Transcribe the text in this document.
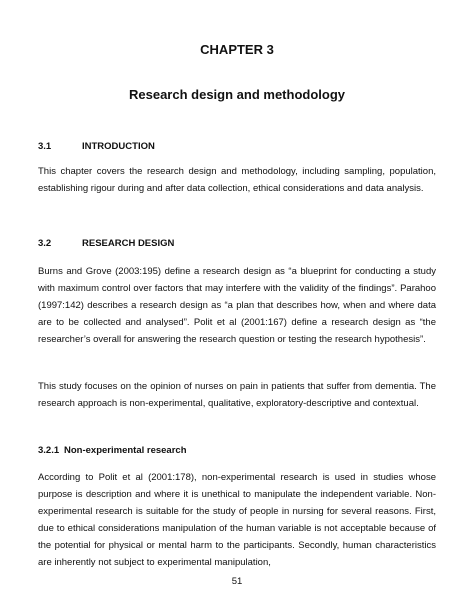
CHAPTER 3
Research design and methodology
3.1	INTRODUCTION

This chapter covers the research design and methodology, including sampling, population, establishing rigour during and after data collection, ethical considerations and data analysis.

3.2	RESEARCH DESIGN

Burns and Grove (2003:195) define a research design as “a blueprint for conducting a study with maximum control over factors that may interfere with the validity of the findings”. Parahoo (1997:142) describes a research design as “a plan that describes how, when and where data are to be collected and analysed”. Polit et al (2001:167) define a research design as “the researcher’s overall for answering the research question or testing the research hypothesis”.

This study focuses on the opinion of nurses on pain in patients that suffer from dementia. The research approach is non-experimental, qualitative, exploratory-descriptive and contextual.

3.2.1 Non-experimental research

According to Polit et al (2001:178), non-experimental research is used in studies whose purpose is description and where it is unethical to manipulate the independent variable. Non-experimental research is suitable for the study of people in nursing for several reasons. First, due to ethical considerations manipulation of the human variable is not acceptable because of the potential for physical or mental harm to the participants. Secondly, human characteristics are inherently not subject to experimental manipulation,

51
